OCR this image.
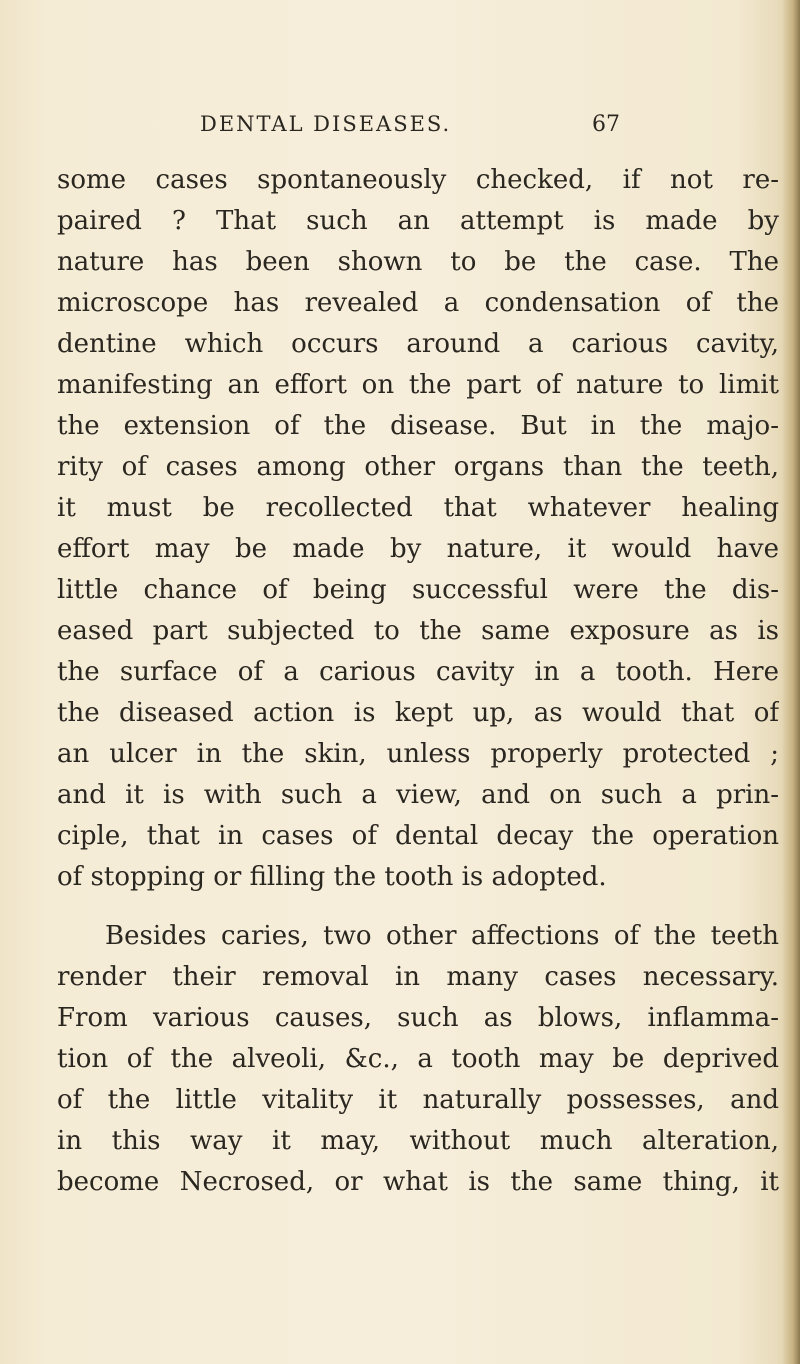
DENTAL DISEASES.	67
some cases spontaneously checked, if not re-
paired ? That such an attempt is made by
nature has been shown to be the case. The
microscope has revealed a condensation of the
dentine which occurs around a carious cavity,
manifesting an effort on the part of nature to limit
the extension of the disease. But in the majo-
rity of cases among other organs than the teeth,
it must be recollected that whatever healing
effort may be made by nature, it would have
little chance of being successful were the dis-
eased part subjected to the same exposure as is
the surface of a carious cavity in a tooth. Here
the diseased action is kept up, as would that of
an ulcer in the skin, unless properly protected ;
and it is with such a view, and on such a prin-
ciple, that in cases of dental decay the operation
of stopping or filling the tooth is adopted.
Besides caries, two other affections of the teeth
render their removal in many cases necessary.
From various causes, such as blows, inflamma-
tion of the alveoli, &c., a tooth may be deprived
of the little vitality it naturally possesses, and
in this way it may, without much alteration,
become Necrosed, or what is the same thing, it
